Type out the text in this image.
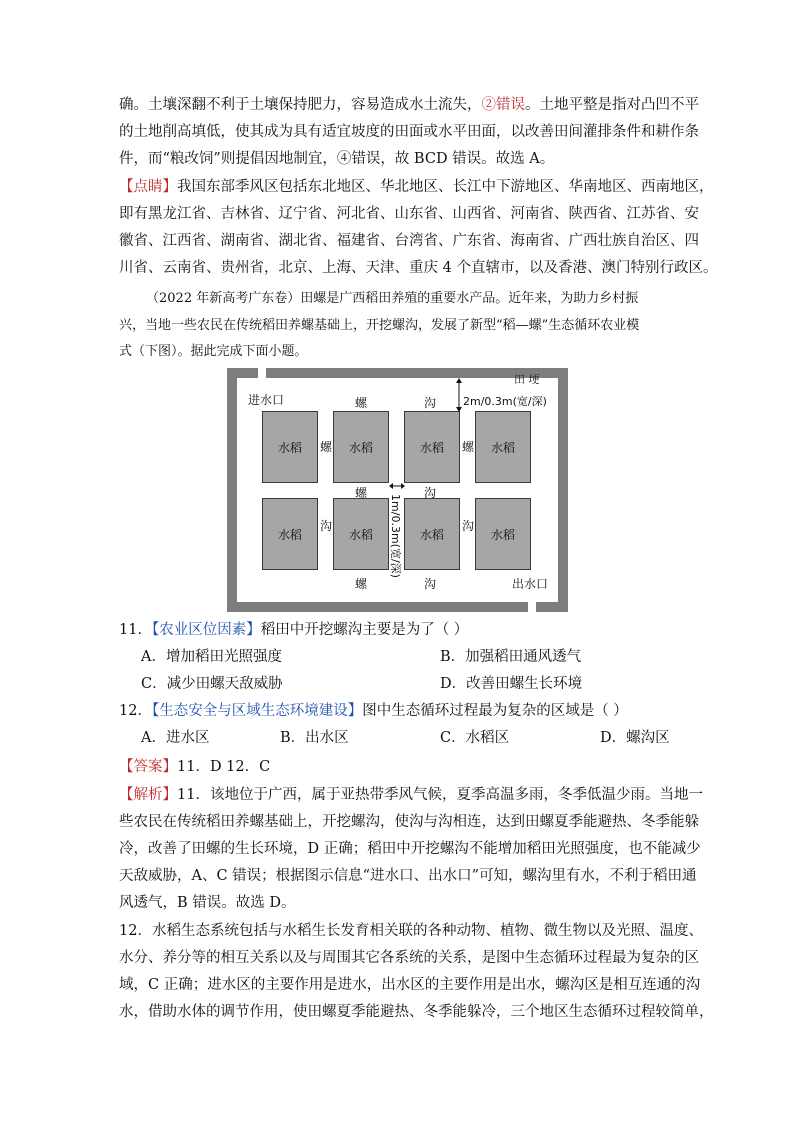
确。土壤深翻不利于土壤保持肥力，容易造成水土流失，②错误。土地平整是指对凸凹不平
的土地削高填低，使其成为具有适宜坡度的田面或水平田面，以改善田间灌排条件和耕作条
件，而“粮改饲”则提倡因地制宜，④错误，故 BCD 错误。故选 A。
【点睛】我国东部季风区包括东北地区、华北地区、长江中下游地区、华南地区、西南地区，
即有黑龙江省、吉林省、辽宁省、河北省、山东省、山西省、河南省、陕西省、江苏省、安
徽省、江西省、湖南省、湖北省、福建省、台湾省、广东省、海南省、广西壮族自治区、四
川省、云南省、贵州省，北京、上海、天津、重庆 4 个直辖市，以及香港、澳门特别行政区。
（2022 年新高考广东卷）田螺是广西稻田养殖的重要水产品。近年来，为助力乡村振
兴，当地一些农民在传统稻田养螺基础上，开挖螺沟，发展了新型“稻—螺”生态循环农业模
式（下图）。据此完成下面小题。
田 埂
进水口
出水口
水稻	水稻	水稻	水稻
水稻	水稻	水稻	水稻
螺	沟
螺	螺
螺	沟
沟	沟
螺	沟
2m/0.3m(宽/深)
1m/0.3m(宽/深)
11．【农业区位因素】稻田中开挖螺沟主要是为了（ ）
A．增加稻田光照强度	B．加强稻田通风透气
C．减少田螺天敌威胁	D．改善田螺生长环境
12．【生态安全与区域生态环境建设】图中生态循环过程最为复杂的区域是（ ）
A．进水区	B．出水区	C．水稻区	D．螺沟区
【答案】11．D 12．C
【解析】11．该地位于广西，属于亚热带季风气候，夏季高温多雨，冬季低温少雨。当地一
些农民在传统稻田养螺基础上，开挖螺沟，使沟与沟相连，达到田螺夏季能避热、冬季能躲
冷，改善了田螺的生长环境，D 正确；稻田中开挖螺沟不能增加稻田光照强度，也不能减少
天敌威胁，A、C 错误；根据图示信息“进水口、出水口”可知，螺沟里有水，不利于稻田通
风透气，B 错误。故选 D。
12．水稻生态系统包括与水稻生长发育相关联的各种动物、植物、微生物以及光照、温度、
水分、养分等的相互关系以及与周围其它各系统的关系，是图中生态循环过程最为复杂的区
域，C 正确；进水区的主要作用是进水，出水区的主要作用是出水，螺沟区是相互连通的沟
水，借助水体的调节作用，使田螺夏季能避热、冬季能躲冷，三个地区生态循环过程较简单，
